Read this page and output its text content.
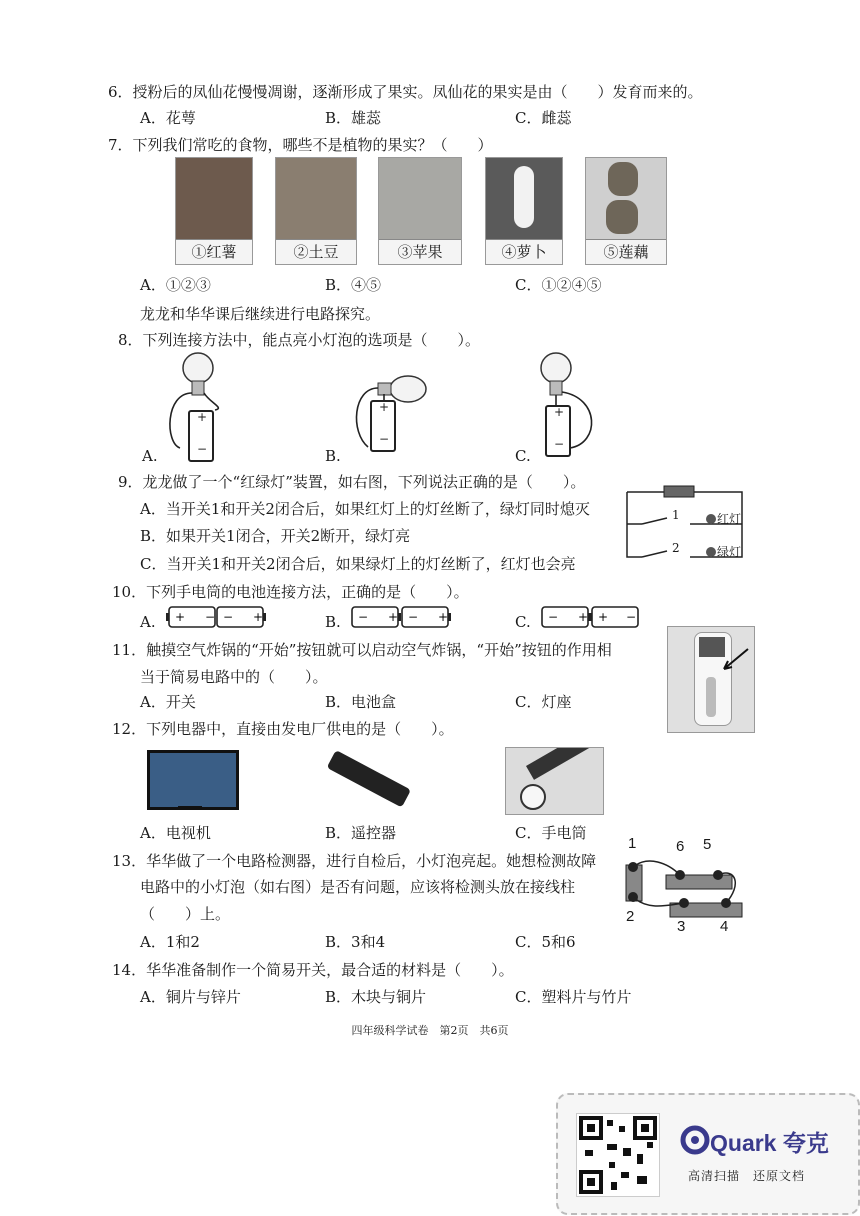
6．授粉后的凤仙花慢慢凋谢，逐渐形成了果实。凤仙花的果实是由（　　）发育而来的。
A．花萼	B．雄蕊	C．雌蕊
7．下列我们常吃的食物，哪些不是植物的果实？（　　）
①红薯	②土豆	③苹果	④萝卜	⑤莲藕
A．①②③	B．④⑤	C．①②④⑤
龙龙和华华课后继续进行电路探究。
8．下列连接方法中，能点亮小灯泡的选项是（　　）。
+
−
A.
+
−
B.
+
−
C.
9．龙龙做了一个“红绿灯”装置，如右图，下列说法正确的是（　　）。
A．当开关1和开关2闭合后，如果红灯上的灯丝断了，绿灯同时熄灭
B．如果开关1闭合，开关2断开，绿灯亮
C．当开关1和开关2闭合后，如果绿灯上的灯丝断了，红灯也会亮
1
2
红灯
绿灯
10．下列手电筒的电池连接方法，正确的是（　　）。
A. + − − +	B. − + − +	C. − + + −
11．触摸空气炸锅的“开始”按钮就可以启动空气炸锅，“开始”按钮的作用相
当于简易电路中的（　　）。
A．开关	B．电池盒	C．灯座
12．下列电器中，直接由发电厂供电的是（　　）。
A．电视机	B．遥控器	C．手电筒
13．华华做了一个电路检测器，进行自检后，小灯泡亮起。她想检测故障
电路中的小灯泡（如右图）是否有问题，应该将检测头放在接线柱
（　　）上。
A．1和2	B．3和4	C．5和6
1
2
3 4
5
6
14．华华准备制作一个简易开关，最合适的材料是（　　）。
A．铜片与锌片	B．木块与铜片	C．塑料片与竹片
四年级科学试卷　第2页　共6页
Quark 夸克
高清扫描　还原文档
